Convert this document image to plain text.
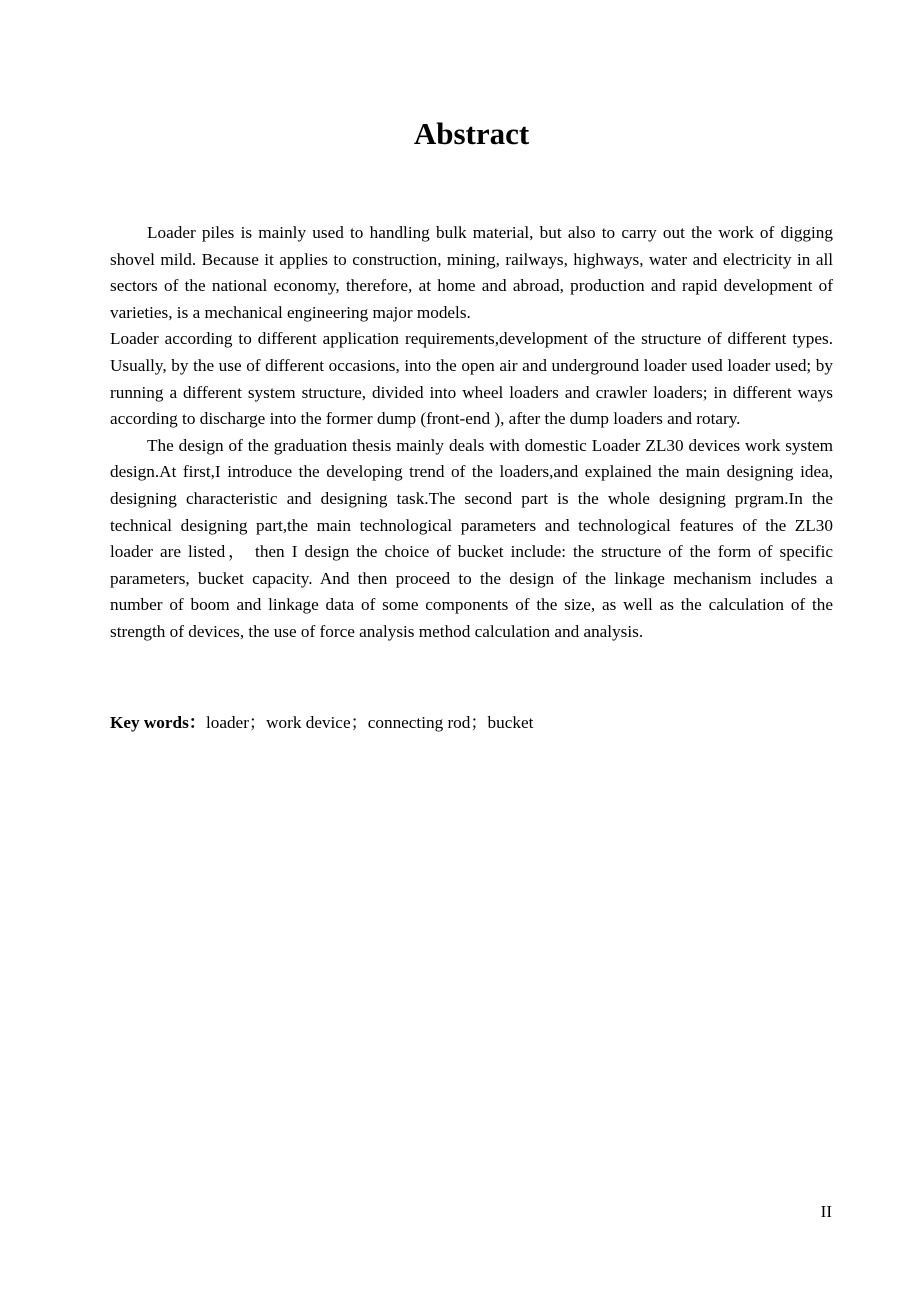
Abstract

Loader piles is mainly used to handling bulk material, but also to carry out the work of digging shovel mild. Because it applies to construction, mining, railways, highways, water and electricity in all sectors of the national economy, therefore, at home and abroad, production and rapid development of varieties, is a mechanical engineering major models.

Loader according to different application requirements,development of the structure of different types. Usually, by the use of different occasions, into the open air and underground loader used loader used; by running a different system structure, divided into wheel loaders and crawler loaders; in different ways according to discharge into the former dump (front-end ), after the dump loaders and rotary.

The design of the graduation thesis mainly deals with domestic Loader ZL30 devices work system design.At first,I introduce the developing trend of the loaders,and explained the main designing idea, designing characteristic and designing task.The second part is the whole designing prgram.In the technical designing part,the main technological parameters and technological features of the ZL30 loader are listed， then I design the choice of bucket include: the structure of the form of specific parameters, bucket capacity. And then proceed to the design of the linkage mechanism includes a number of boom and linkage data of some components of the size, as well as the calculation of the strength of devices, the use of force analysis method calculation and analysis.

Key words：loader；work device；connecting rod；bucket

II
